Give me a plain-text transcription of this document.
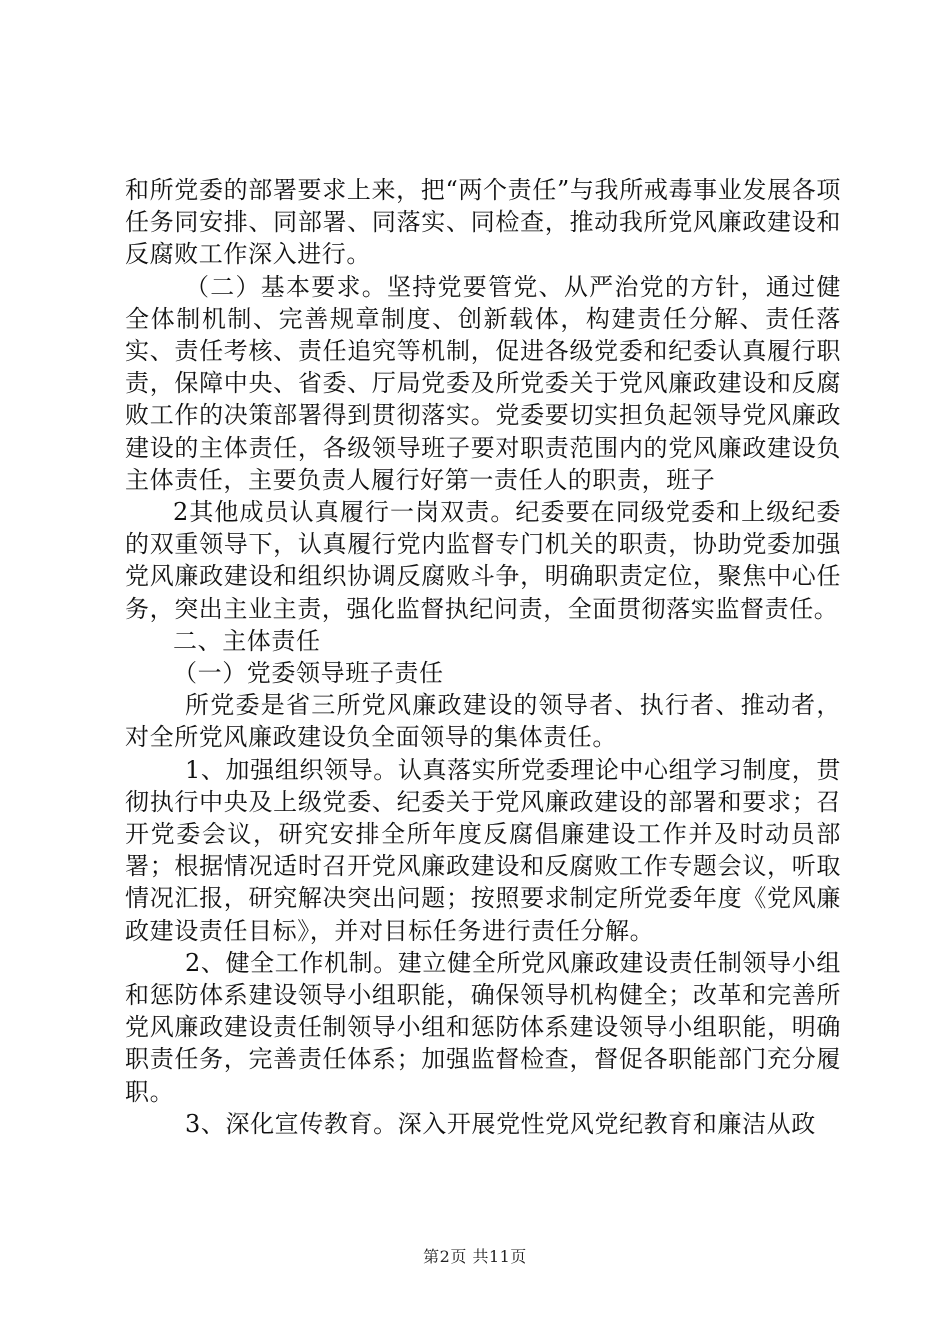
和所党委的部署要求上来，把“两个责任”与我所戒毒事业发展各项任务同安排、同部署、同落实、同检查，推动我所党风廉政建设和反腐败工作深入进行。

（二）基本要求。坚持党要管党、从严治党的方针，通过健全体制机制、完善规章制度、创新载体，构建责任分解、责任落实、责任考核、责任追究等机制，促进各级党委和纪委认真履行职责，保障中央、省委、厅局党委及所党委关于党风廉政建设和反腐败工作的决策部署得到贯彻落实。党委要切实担负起领导党风廉政建设的主体责任，各级领导班子要对职责范围内的党风廉政建设负主体责任，主要负责人履行好第一责任人的职责，班子

2其他成员认真履行一岗双责。纪委要在同级党委和上级纪委的双重领导下，认真履行党内监督专门机关的职责，协助党委加强党风廉政建设和组织协调反腐败斗争，明确职责定位，聚焦中心任务，突出主业主责，强化监督执纪问责，全面贯彻落实监督责任。

二、主体责任

（一）党委领导班子责任

所党委是省三所党风廉政建设的领导者、执行者、推动者，对全所党风廉政建设负全面领导的集体责任。

1、加强组织领导。认真落实所党委理论中心组学习制度，贯彻执行中央及上级党委、纪委关于党风廉政建设的部署和要求；召开党委会议，研究安排全所年度反腐倡廉建设工作并及时动员部署；根据情况适时召开党风廉政建设和反腐败工作专题会议，听取情况汇报，研究解决突出问题；按照要求制定所党委年度《党风廉政建设责任目标》，并对目标任务进行责任分解。

2、健全工作机制。建立健全所党风廉政建设责任制领导小组和惩防体系建设领导小组职能，确保领导机构健全；改革和完善所党风廉政建设责任制领导小组和惩防体系建设领导小组职能，明确职责任务，完善责任体系；加强监督检查，督促各职能部门充分履职。

3、深化宣传教育。深入开展党性党风党纪教育和廉洁从政

第2页 共11页
